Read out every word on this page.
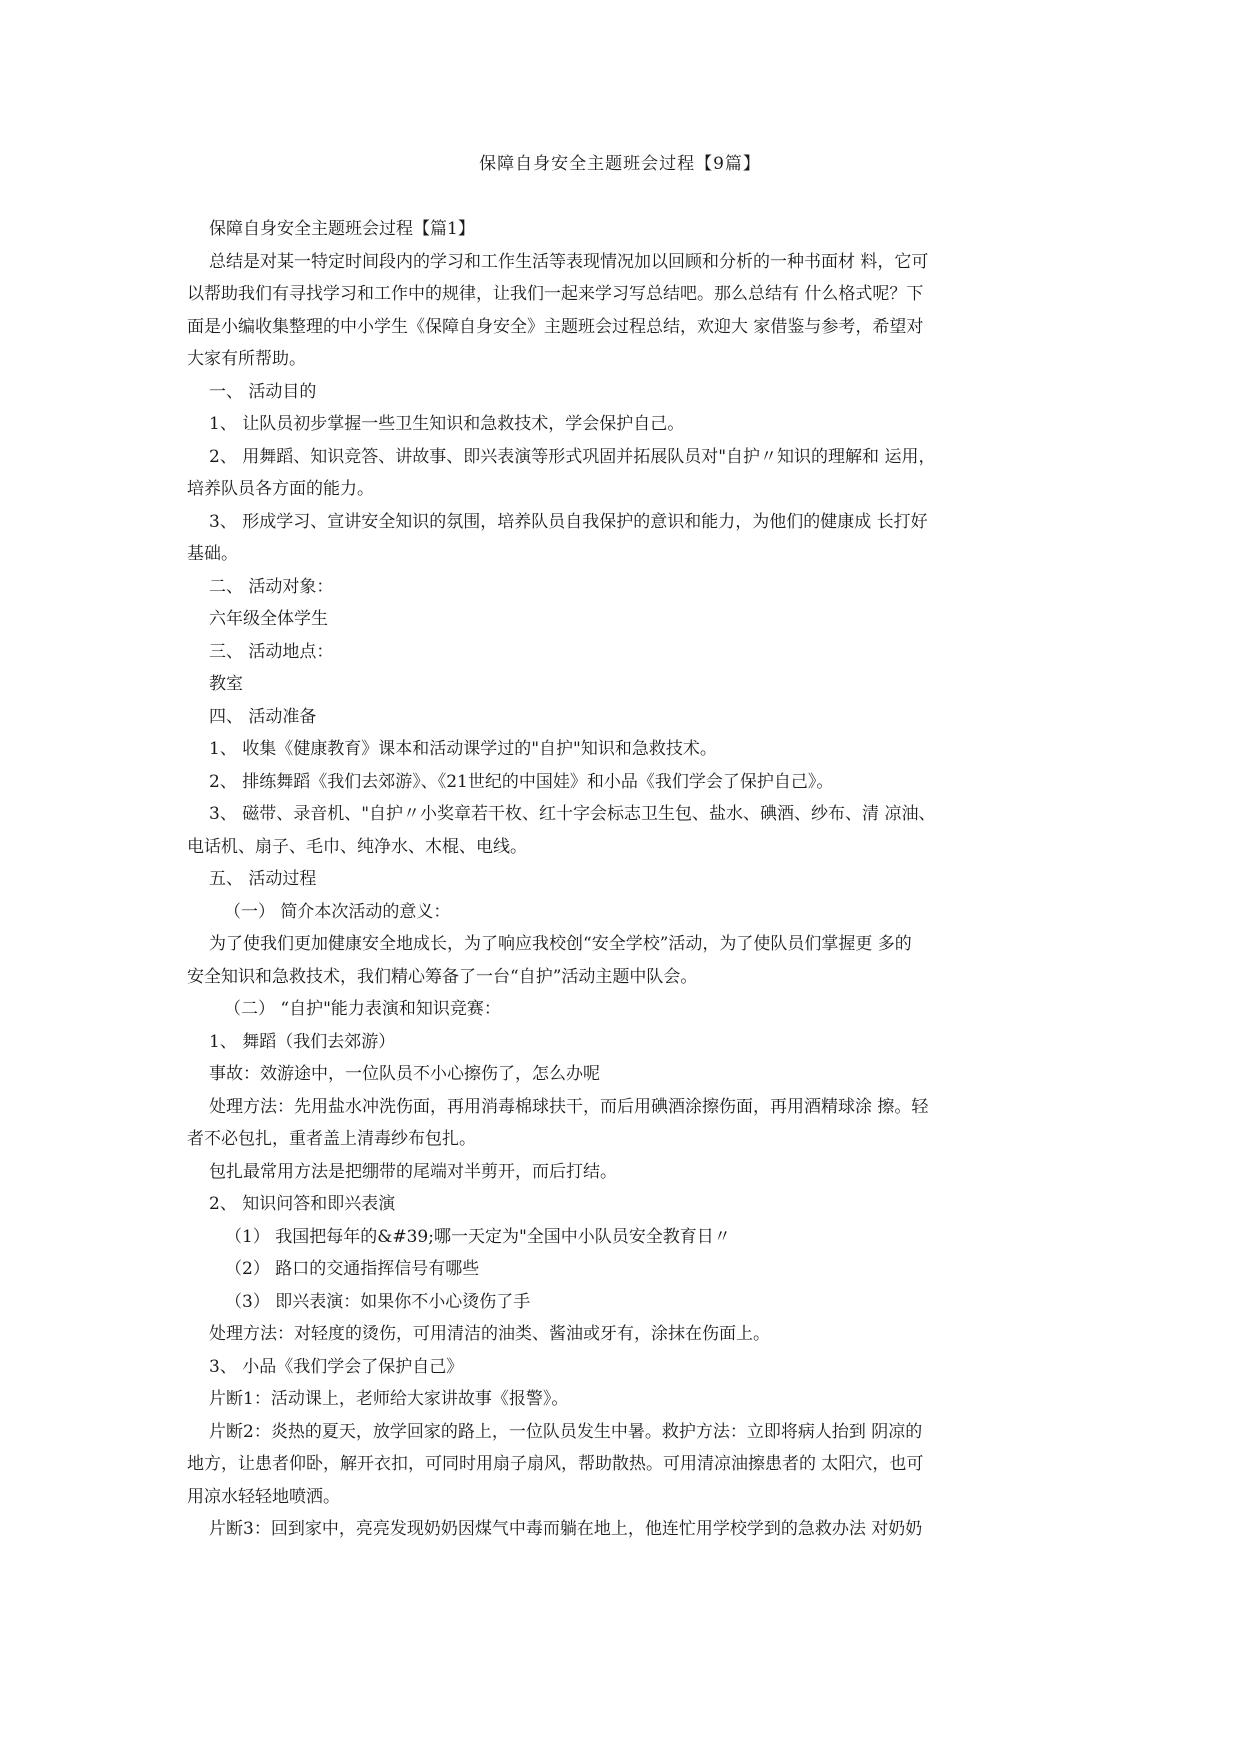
保障自身安全主题班会过程【9篇】

保障自身安全主题班会过程【篇1】

总结是对某一特定时间段内的学习和工作生活等表现情况加以回顾和分析的一种书面材 料，它可

以帮助我们有寻找学习和工作中的规律，让我们一起来学习写总结吧。那么总结有 什么格式呢？下

面是小编收集整理的中小学生《保障自身安全》主题班会过程总结，欢迎大 家借鉴与参考，希望对

大家有所帮助。

一、 活动目的

1、 让队员初步掌握一些卫生知识和急救技术，学会保护自己。

2、 用舞蹈、知识竞答、讲故事、即兴表演等形式巩固并拓展队员对"自护〃知识的理解和 运用，

培养队员各方面的能力。

3、 形成学习、宣讲安全知识的氛围，培养队员自我保护的意识和能力，为他们的健康成 长打好

基础。

二、 活动对象：

六年级全体学生

三、 活动地点：

教室

四、 活动准备

1、 收集《健康教育》课本和活动课学过的"自护"知识和急救技术。

2、 排练舞蹈《我们去郊游》、《21世纪的中国娃》和小品《我们学会了保护自己》。

3、 磁带、录音机、"自护〃小奖章若干枚、红十字会标志卫生包、盐水、碘酒、纱布、清 凉油、

电话机、扇子、毛巾、纯净水、木棍、电线。

五、 活动过程

（一） 简介本次活动的意义：

为了使我们更加健康安全地成长，为了响应我校创“安全学校”活动，为了使队员们掌握更 多的

安全知识和急救技术，我们精心筹备了一台“自护”活动主题中队会。

（二） “自护"能力表演和知识竞赛：

1、 舞蹈（我们去郊游）

事故：效游途中，一位队员不小心擦伤了，怎么办呢

处理方法：先用盐水冲洗伤面，再用消毒棉球扶干，而后用碘酒涂擦伤面，再用酒精球涂 擦。轻

者不必包扎，重者盖上清毒纱布包扎。

包扎最常用方法是把绷带的尾端对半剪开，而后打结。

2、 知识问答和即兴表演

（1） 我国把每年的&#39;哪一天定为"全国中小队员安全教育日〃

（2） 路口的交通指挥信号有哪些

（3） 即兴表演：如果你不小心烫伤了手

处理方法：对轻度的烫伤，可用清洁的油类、酱油或牙有，涂抹在伤面上。

3、 小品《我们学会了保护自己》

片断1：活动课上，老师给大家讲故事《报警》。

片断2：炎热的夏天，放学回家的路上，一位队员发生中暑。救护方法：立即将病人抬到 阴凉的

地方，让患者仰卧，解开衣扣，可同时用扇子扇风，帮助散热。可用清凉油擦患者的 太阳穴，也可

用凉水轻轻地喷洒。

片断3：回到家中，亮亮发现奶奶因煤气中毒而躺在地上，他连忙用学校学到的急救办法 对奶奶
